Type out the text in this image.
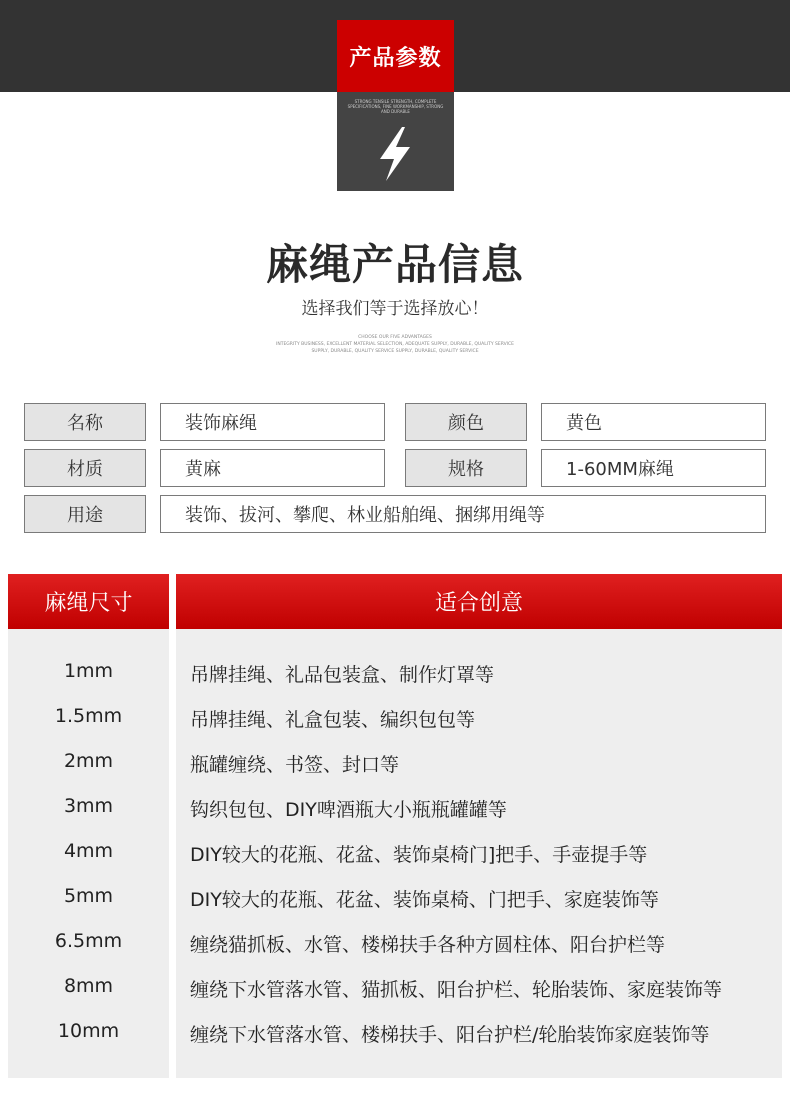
产品参数
STRONG TENSILE STRENGTH, COMPLETE SPECIFICATIONS, FINE WORKMANSHIP, STRONG AND DURABLE
麻绳产品信息
选择我们等于选择放心！
CHOOSE OUR FIVE ADVANTAGES
INTEGRITY BUSINESS, EXCELLENT MATERIAL SELECTION, ADEQUATE SUPPLY, DURABLE, QUALITY SERVICE
SUPPLY, DURABLE, QUALITY SERVICE SUPPLY, DURABLE, QUALITY SERVICE
名称	装饰麻绳	颜色	黄色
材质	黄麻	规格	1-60MM麻绳
用途	装饰、拔河、攀爬、林业船舶绳、捆绑用绳等
麻绳尺寸	适合创意
1mm	吊牌挂绳、礼品包装盒、制作灯罩等
1.5mm	吊牌挂绳、礼盒包装、编织包包等
2mm	瓶罐缠绕、书签、封口等
3mm	钩织包包、DIY啤酒瓶大小瓶瓶罐罐等
4mm	DIY较大的花瓶、花盆、装饰桌椅门]把手、手壶提手等
5mm	DIY较大的花瓶、花盆、装饰桌椅、门把手、家庭装饰等
6.5mm	缠绕猫抓板、水管、楼梯扶手各种方圆柱体、阳台护栏等
8mm	缠绕下水管落水管、猫抓板、阳台护栏、轮胎装饰、家庭装饰等
10mm	缠绕下水管落水管、楼梯扶手、阳台护栏/轮胎装饰家庭装饰等
